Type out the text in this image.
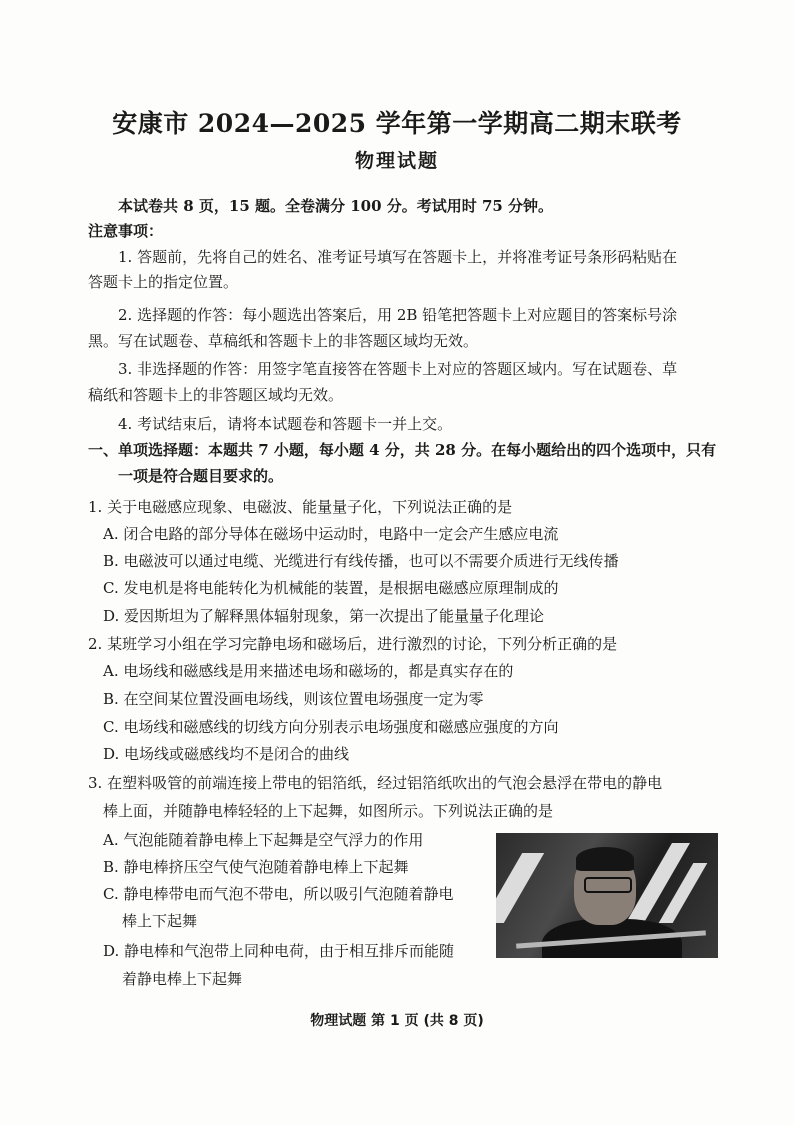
安康市 2024—2025 学年第一学期高二期末联考
物理试题
本试卷共 8 页，15 题。全卷满分 100 分。考试用时 75 分钟。
注意事项：
1. 答题前，先将自己的姓名、准考证号填写在答题卡上，并将准考证号条形码粘贴在
答题卡上的指定位置。
2. 选择题的作答：每小题选出答案后，用 2B 铅笔把答题卡上对应题目的答案标号涂
黑。写在试题卷、草稿纸和答题卡上的非答题区域均无效。
3. 非选择题的作答：用签字笔直接答在答题卡上对应的答题区域内。写在试题卷、草
稿纸和答题卡上的非答题区域均无效。
4. 考试结束后，请将本试题卷和答题卡一并上交。
一、单项选择题：本题共 7 小题，每小题 4 分，共 28 分。在每小题给出的四个选项中，只有
一项是符合题目要求的。
1. 关于电磁感应现象、电磁波、能量量子化，下列说法正确的是
A. 闭合电路的部分导体在磁场中运动时，电路中一定会产生感应电流
B. 电磁波可以通过电缆、光缆进行有线传播，也可以不需要介质进行无线传播
C. 发电机是将电能转化为机械能的装置，是根据电磁感应原理制成的
D. 爱因斯坦为了解释黑体辐射现象，第一次提出了能量量子化理论
2. 某班学习小组在学习完静电场和磁场后，进行激烈的讨论，下列分析正确的是
A. 电场线和磁感线是用来描述电场和磁场的，都是真实存在的
B. 在空间某位置没画电场线，则该位置电场强度一定为零
C. 电场线和磁感线的切线方向分别表示电场强度和磁感应强度的方向
D. 电场线或磁感线均不是闭合的曲线
3. 在塑料吸管的前端连接上带电的铝箔纸，经过铝箔纸吹出的气泡会悬浮在带电的静电
棒上面，并随静电棒轻轻的上下起舞，如图所示。下列说法正确的是
A. 气泡能随着静电棒上下起舞是空气浮力的作用
B. 静电棒挤压空气使气泡随着静电棒上下起舞
C. 静电棒带电而气泡不带电，所以吸引气泡随着静电
棒上下起舞
D. 静电棒和气泡带上同种电荷，由于相互排斥而能随
着静电棒上下起舞
物理试题 第 1 页 (共 8 页)
